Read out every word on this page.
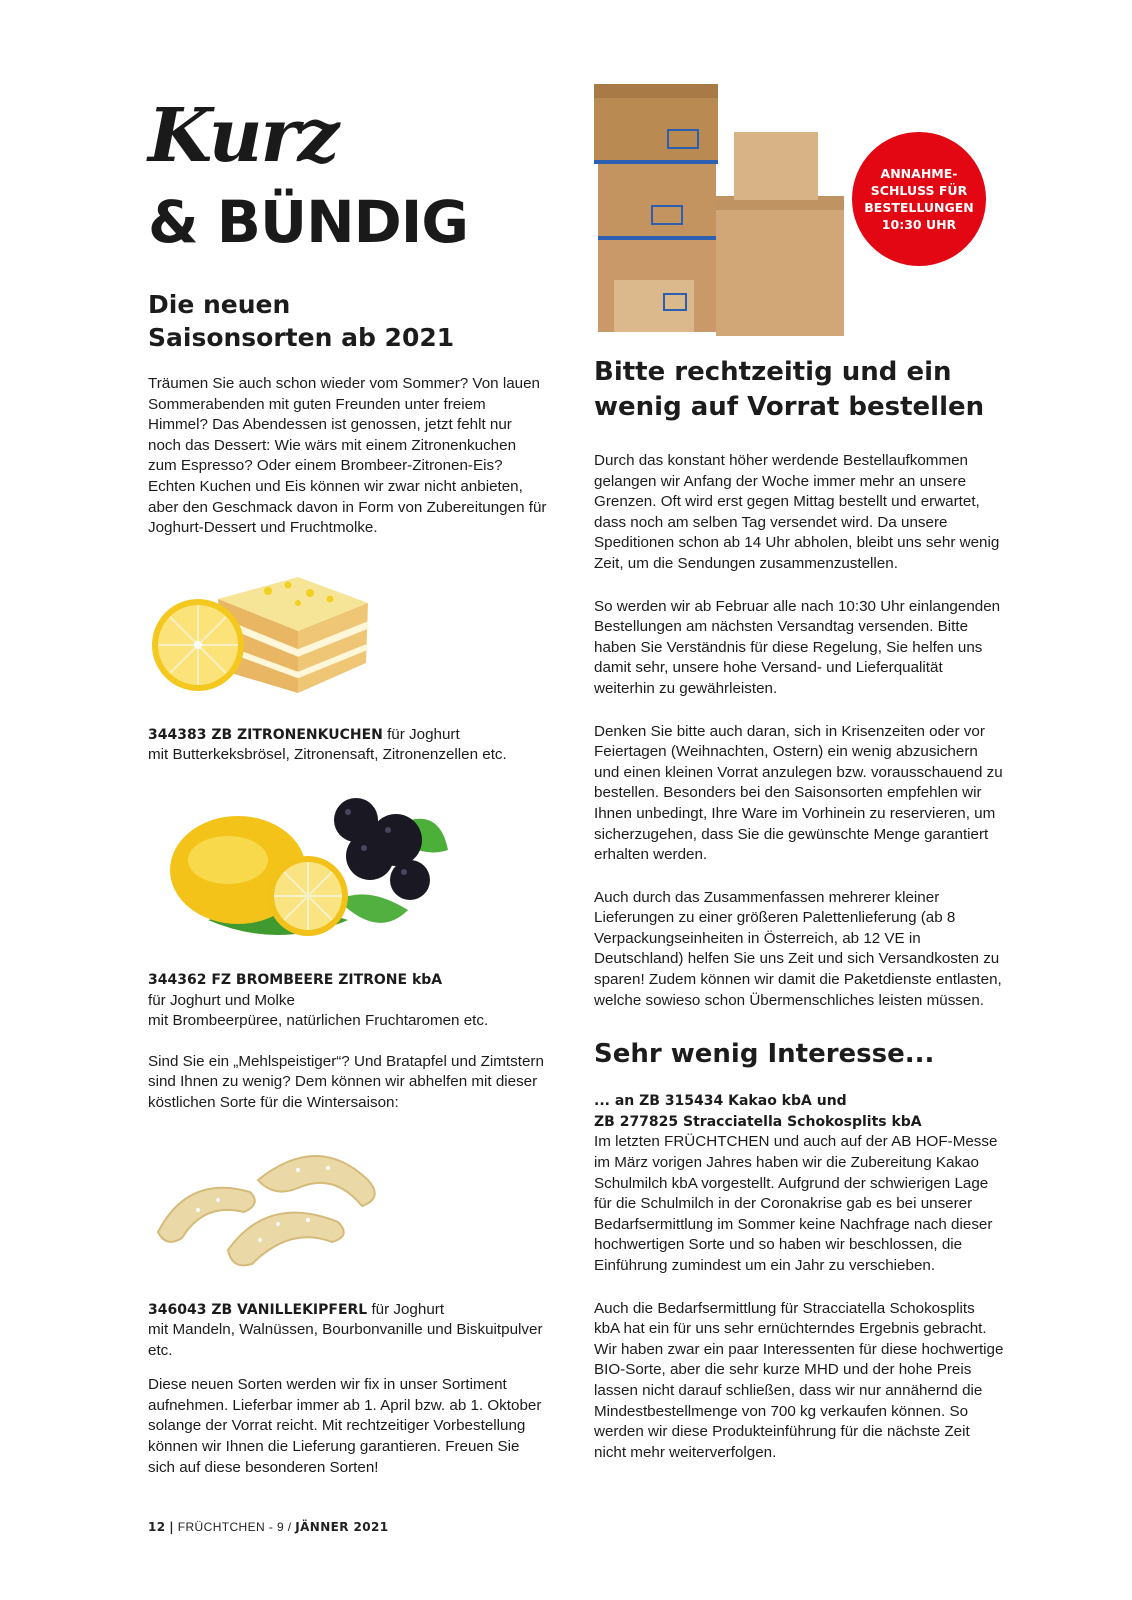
Kurz
& BÜNDIG
Die neuen Saisonsorten ab 2021

Träumen Sie auch schon wieder vom Sommer? Von lauen Sommerabenden mit guten Freunden unter freiem Himmel? Das Abendessen ist genossen, jetzt fehlt nur noch das Dessert: Wie wärs mit einem Zitronenkuchen zum Espresso? Oder einem Brombeer-Zitronen-Eis? Echten Kuchen und Eis können wir zwar nicht anbieten, aber den Geschmack davon in Form von Zubereitungen für Joghurt-Dessert und Fruchtmolke.

344383 ZB ZITRONENKUCHEN für Joghurt
mit Butterkeksbrösel, Zitronensaft, Zitronenzellen etc.

344362 FZ BROMBEERE ZITRONE kbA
für Joghurt und Molke
mit Brombeerpüree, natürlichen Fruchtaromen etc.

Sind Sie ein „Mehlspeistiger“? Und Bratapfel und Zimtstern sind Ihnen zu wenig? Dem können wir abhelfen mit dieser köstlichen Sorte für die Wintersaison:

346043 ZB VANILLEKIPFERL für Joghurt
mit Mandeln, Walnüssen, Bourbonvanille und Biskuitpulver etc.

Diese neuen Sorten werden wir fix in unser Sortiment aufnehmen. Lieferbar immer ab 1. April bzw. ab 1. Oktober solange der Vorrat reicht. Mit rechtzeitiger Vorbestellung können wir Ihnen die Lieferung garantieren. Freuen Sie sich auf diese besonderen Sorten!

ANNAHME-SCHLUSS FÜR BESTELLUNGEN 10:30 UHR
Bitte rechtzeitig und ein wenig auf Vorrat bestellen

Durch das konstant höher werdende Bestellaufkommen gelangen wir Anfang der Woche immer mehr an unsere Grenzen. Oft wird erst gegen Mittag bestellt und erwartet, dass noch am selben Tag versendet wird. Da unsere Speditionen schon ab 14 Uhr abholen, bleibt uns sehr wenig Zeit, um die Sendungen zusammenzustellen.

So werden wir ab Februar alle nach 10:30 Uhr einlangenden Bestellungen am nächsten Versandtag versenden. Bitte haben Sie Verständnis für diese Regelung, Sie helfen uns damit sehr, unsere hohe Versand- und Lieferqualität weiterhin zu gewährleisten.

Denken Sie bitte auch daran, sich in Krisenzeiten oder vor Feiertagen (Weihnachten, Ostern) ein wenig abzusichern und einen kleinen Vorrat anzulegen bzw. vorausschauend zu bestellen. Besonders bei den Saisonsorten empfehlen wir Ihnen unbedingt, Ihre Ware im Vorhinein zu reservieren, um sicherzugehen, dass Sie die gewünschte Menge garantiert erhalten werden.

Auch durch das Zusammenfassen mehrerer kleiner Lieferungen zu einer größeren Palettenlieferung (ab 8 Verpackungseinheiten in Österreich, ab 12 VE in Deutschland) helfen Sie uns Zeit und sich Versandkosten zu sparen! Zudem können wir damit die Paketdienste entlasten, welche sowieso schon Übermenschliches leisten müssen.

Sehr wenig Interesse...

... an ZB 315434 Kakao kbA und
ZB 277825 Stracciatella Schokosplits kbA
Im letzten FRÜCHTCHEN und auch auf der AB HOF-Messe im März vorigen Jahres haben wir die Zubereitung Kakao Schulmilch kbA vorgestellt. Aufgrund der schwierigen Lage für die Schulmilch in der Coronakrise gab es bei unserer Bedarfsermittlung im Sommer keine Nachfrage nach dieser hochwertigen Sorte und so haben wir beschlossen, die Einführung zumindest um ein Jahr zu verschieben.

Auch die Bedarfsermittlung für Stracciatella Schokosplits kbA hat ein für uns sehr ernüchterndes Ergebnis gebracht. Wir haben zwar ein paar Interessenten für diese hochwertige BIO-Sorte, aber die sehr kurze MHD und der hohe Preis lassen nicht darauf schließen, dass wir nur annähernd die Mindestbestellmenge von 700 kg verkaufen können. So werden wir diese Produkteinführung für die nächste Zeit nicht mehr weiterverfolgen.

12 | FRÜCHTCHEN - 9 / JÄNNER 2021
